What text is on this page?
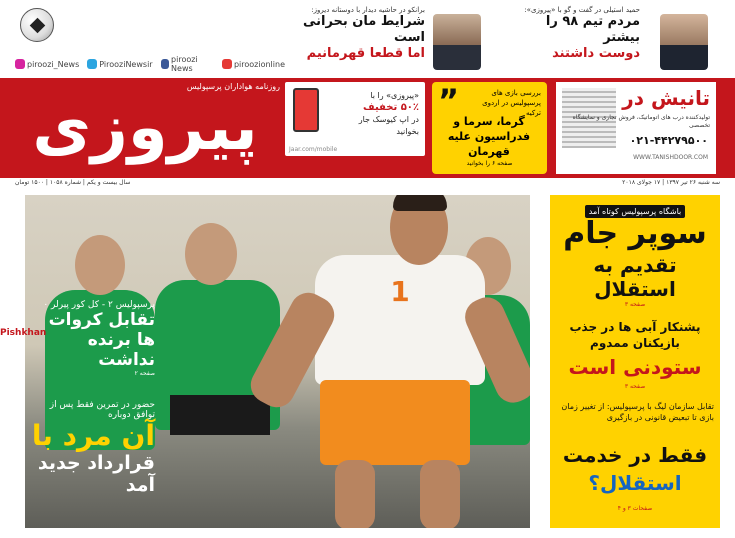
piroozi_News	PirooziNewsir piroozi News	piroozionline
برانکو در حاشیه دیدار با دوستانه دیروز:
شرایط مان بحرانی است
اما قطعا قهرمانیم
حمید استیلی در گفت و گو با «پیروزی»:
مردم تیم ۹۸ را بیشتر
دوست داشتند
پیروزی
روزنامه هواداران پرسپولیس
«پیروزی» را با
۵۰٪ تخفیف
در اپ کیوسک جار
بخوانید
Jaar.com/mobile
”	بررسی بازی های پرسپولیس در اردوی ترکیه
گرما، سرما و فدراسیون علیه قهرمان
صفحه ۶ را بخوانید
تانیش در
تولیدکننده درب های اتوماتیک، فروش تجاری و نمایشگاه تخصصی
۰۲۱-۴۴۲۷۹۵۰۰
WWW.TANISHDOOR.COM
سه شنبه ۲۶ تیر ۱۳۹۷ | ۱۷ جولای ۲۰۱۸
سال بیست و یکم | شماره ۱۰۵۸ | ۱۵۰۰ تومان
1
پرسپولیس ۲ - کل کور پیرلر ۰
تقابل کروات ها برنده نداشت
صفحه ۲
Pishkhan
حضور در تمرین فقط پس از توافق دوباره
آن مرد با
قرارداد جدید آمد
باشگاه پرسپولیس کوتاه آمد
سوپر جام
تقدیم به استقلال
صفحه ۳
پشنکار آبی ها در جذب بازیکنان ممدوم
ستودنی است
صفحه ۳
تقابل سازمان لیگ با پرسپولیس: از تغییر زمان بازی تا تبعیض قانونی در بازگیری
فقط در خدمت
استقلال؟
صفحات ۳ و ۴
